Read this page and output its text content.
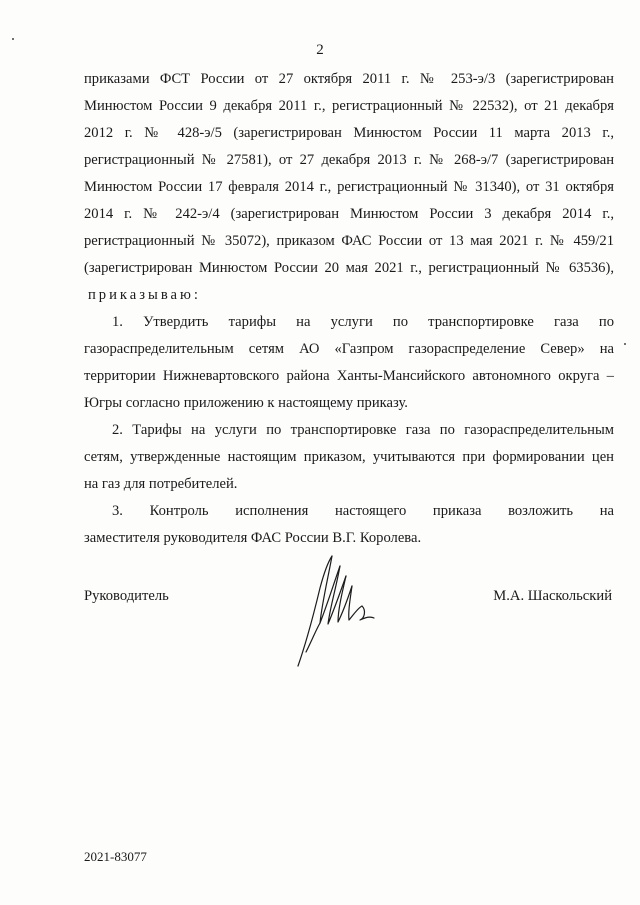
2
приказами ФСТ России от 27 октября 2011 г. № 253-э/3 (зарегистрирован
Минюстом России 9 декабря 2011 г., регистрационный № 22532), от 21 декабря
2012 г. № 428-э/5 (зарегистрирован Минюстом России 11 марта 2013 г.,
регистрационный № 27581), от 27 декабря 2013 г. № 268-э/7 (зарегистрирован
Минюстом России 17 февраля 2014 г., регистрационный № 31340), от 31 октября
2014 г. № 242-э/4 (зарегистрирован Минюстом России 3 декабря 2014 г.,
регистрационный № 35072), приказом ФАС России от 13 мая 2021 г. № 459/21
(зарегистрирован Минюстом России 20 мая 2021 г., регистрационный № 63536),
приказываю:
1. Утвердить тарифы на услуги по транспортировке газа по
газораспределительным сетям АО «Газпром газораспределение Север» на
территории Нижневартовского района Ханты-Мансийского автономного округа –
Югры согласно приложению к настоящему приказу.
2. Тарифы на услуги по транспортировке газа по газораспределительным
сетям, утвержденные настоящим приказом, учитываются при формировании цен
на газ для потребителей.
3. Контроль исполнения настоящего приказа возложить на
заместителя руководителя ФАС России В.Г. Королева.
Руководитель	М.А. Шаскольский
2021-83077
